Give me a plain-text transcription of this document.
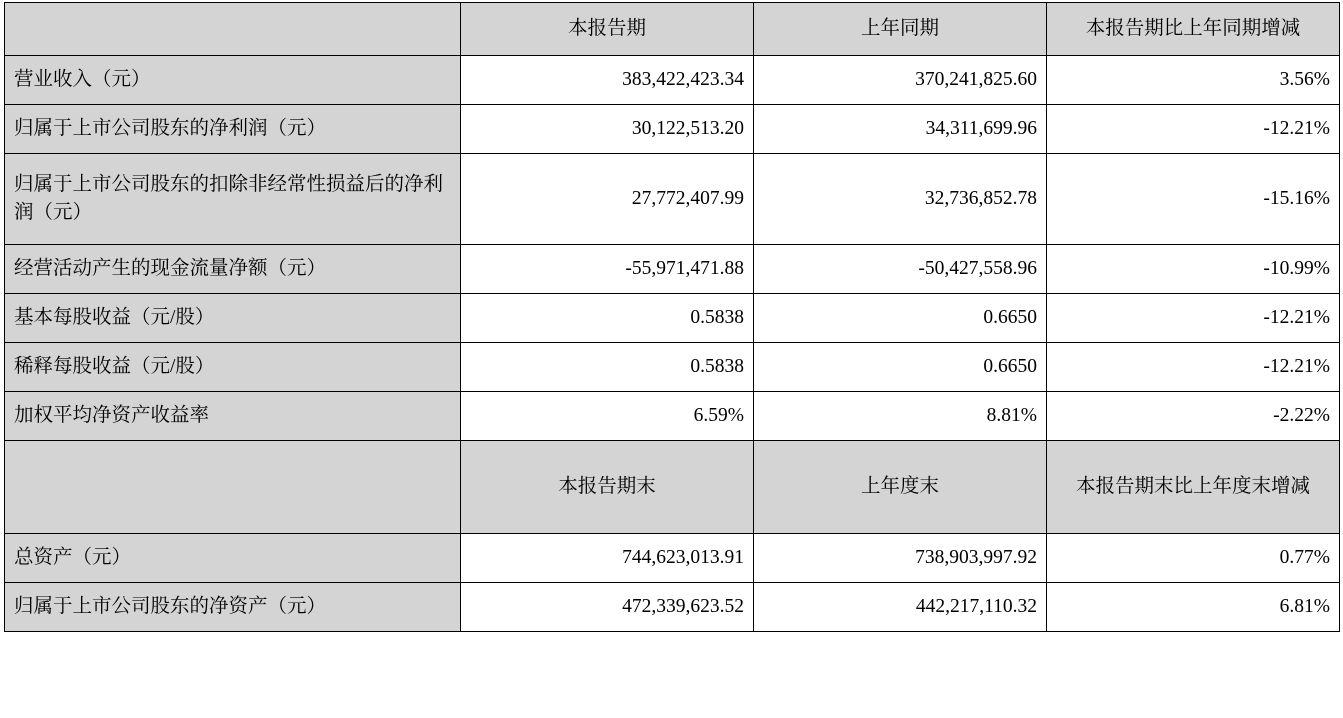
	本报告期	上年同期	本报告期比上年同期增减
营业收入（元）	383,422,423.34	370,241,825.60	3.56%
归属于上市公司股东的净利润（元）	30,122,513.20	34,311,699.96	-12.21%
归属于上市公司股东的扣除非经常性损益后的净利润（元）	27,772,407.99	32,736,852.78	-15.16%
经营活动产生的现金流量净额（元）	-55,971,471.88	-50,427,558.96	-10.99%
基本每股收益（元/股）	0.5838	0.6650	-12.21%
稀释每股收益（元/股）	0.5838	0.6650	-12.21%
加权平均净资产收益率	6.59%	8.81%	-2.22%
	本报告期末	上年度末	本报告期末比上年度末增减
总资产（元）	744,623,013.91	738,903,997.92	0.77%
归属于上市公司股东的净资产（元）	472,339,623.52	442,217,110.32	6.81%
